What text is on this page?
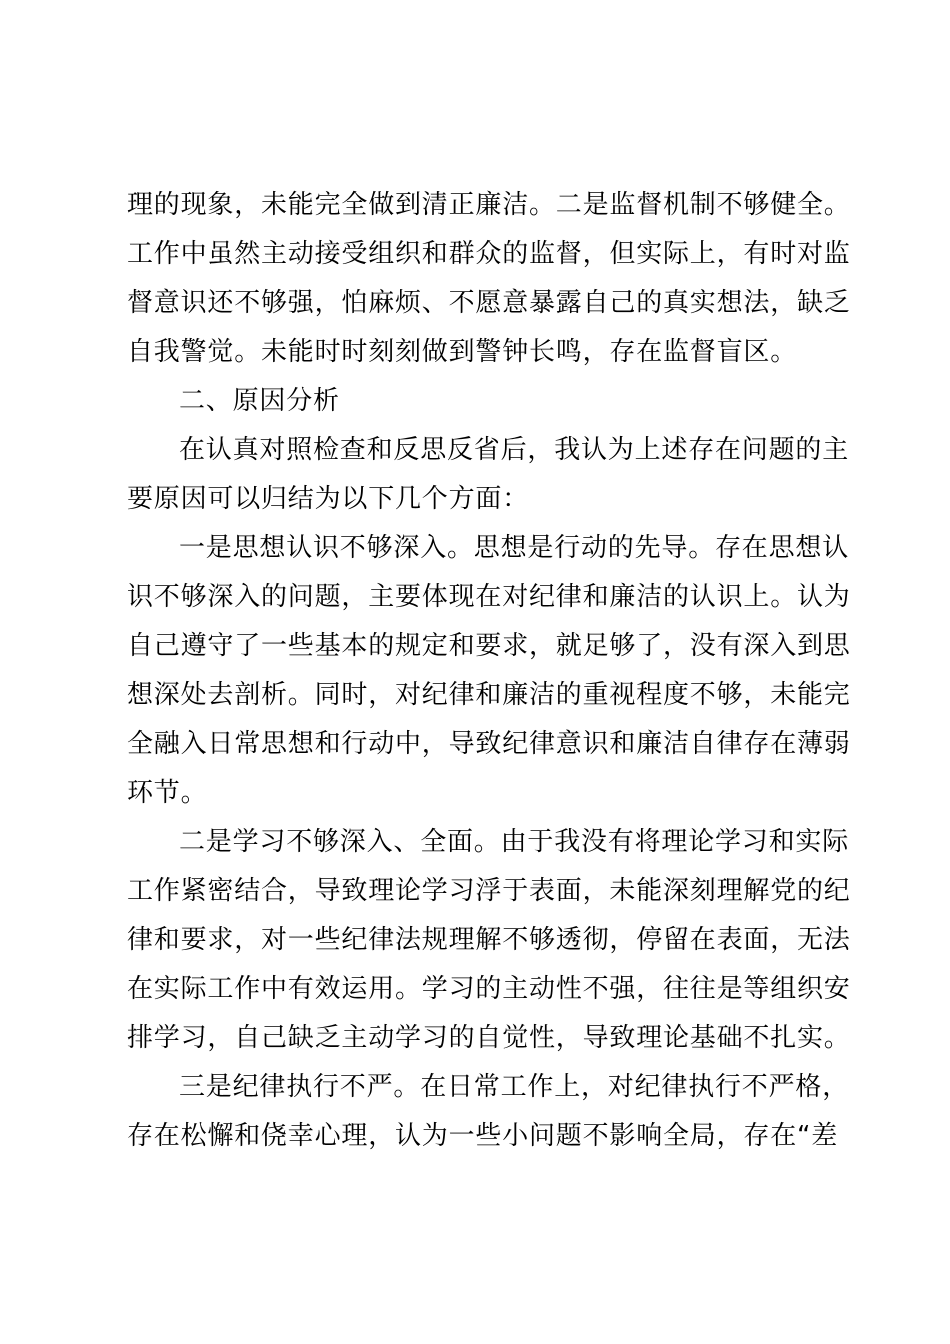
理的现象，未能完全做到清正廉洁。二是监督机制不够健全。
工作中虽然主动接受组织和群众的监督，但实际上，有时对监
督意识还不够强，怕麻烦、不愿意暴露自己的真实想法，缺乏
自我警觉。未能时时刻刻做到警钟长鸣，存在监督盲区。
二、原因分析
在认真对照检查和反思反省后，我认为上述存在问题的主
要原因可以归结为以下几个方面：
一是思想认识不够深入。思想是行动的先导。存在思想认
识不够深入的问题，主要体现在对纪律和廉洁的认识上。认为
自己遵守了一些基本的规定和要求，就足够了，没有深入到思
想深处去剖析。同时，对纪律和廉洁的重视程度不够，未能完
全融入日常思想和行动中，导致纪律意识和廉洁自律存在薄弱
环节。
二是学习不够深入、全面。由于我没有将理论学习和实际
工作紧密结合，导致理论学习浮于表面，未能深刻理解党的纪
律和要求，对一些纪律法规理解不够透彻，停留在表面，无法
在实际工作中有效运用。学习的主动性不强，往往是等组织安
排学习，自己缺乏主动学习的自觉性，导致理论基础不扎实。
三是纪律执行不严。在日常工作上，对纪律执行不严格，
存在松懈和侥幸心理，认为一些小问题不影响全局，存在“差
